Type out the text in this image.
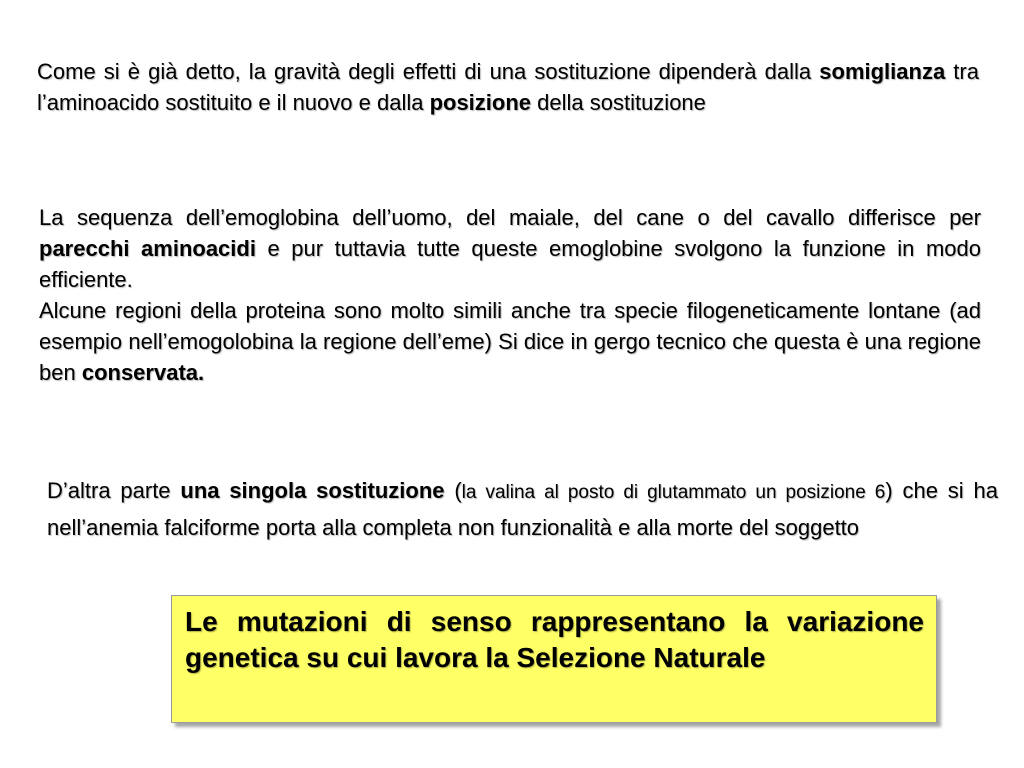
Come si è già detto, la gravità degli effetti di una sostituzione dipenderà dalla somiglianza tra l’aminoacido sostituito e il nuovo e dalla posizione della sostituzione

La sequenza dell’emoglobina dell’uomo, del maiale, del cane o del cavallo differisce per parecchi aminoacidi e pur tuttavia tutte queste emoglobine svolgono la funzione in modo efficiente.

Alcune regioni della proteina sono molto simili anche tra specie filogeneticamente lontane (ad esempio nell’emogolobina la regione dell’eme) Si dice in gergo tecnico che questa è una regione ben conservata.

D’altra parte una singola sostituzione (la valina al posto di glutammato un posizione 6) che si ha nell’anemia falciforme porta alla completa non funzionalità e alla morte del soggetto

Le mutazioni di senso rappresentano la variazione genetica su cui lavora la Selezione Naturale
